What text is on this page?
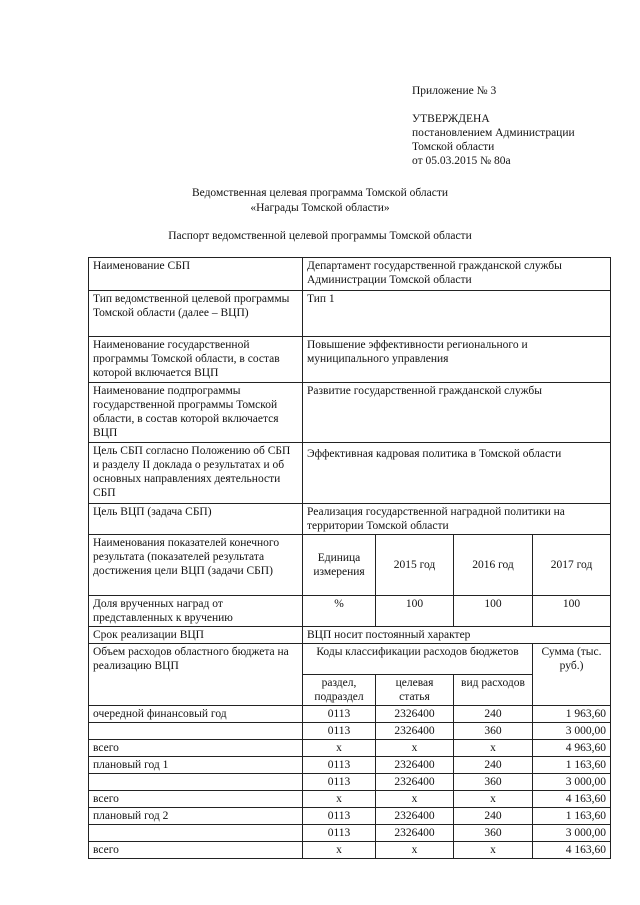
Приложение № 3
УТВЕРЖДЕНА
постановлением Администрации
Томской области
от 05.03.2015 № 80а
Ведомственная целевая программа Томской области
«Награды Томской области»
Паспорт ведомственной целевой программы Томской области
Наименование СБП	Департамент государственной гражданской службы Администрации Томской области			
Тип ведомственной целевой программы Томской области (далее – ВЦП)	Тип 1			
Наименование государственной программы Томской области, в состав которой включается ВЦП	Повышение эффективности регионального и муниципального управления			
Наименование подпрограммы государственной программы Томской области, в состав которой включается ВЦП	Развитие государственной гражданской службы			
Цель СБП согласно Положению об СБП и разделу II доклада о результатах и об основных направлениях деятельности СБП	Эффективная кадровая политика в Томской области			
Цель ВЦП (задача СБП)	Реализация государственной наградной политики на территории Томской области			
Наименования показателей конечного результата (показателей результата достижения цели ВЦП (задачи СБП)	Единица измерения	2015 год	2016 год	2017 год
Доля врученных наград от представленных к вручению	%	100	100	100
Срок реализации ВЦП	ВЦП носит постоянный характер			
Объем расходов областного бюджета на реализацию ВЦП	Коды классификации расходов бюджетов			Сумма (тыс. руб.)
	раздел, подраздел	целевая статья	вид расходов	
очередной финансовый год	0113	2326400	240	1 963,60
	0113	2326400	360	3 000,00
всего	х	х	х	4 963,60
плановый год 1	0113	2326400	240	1 163,60
	0113	2326400	360	3 000,00
всего	х	х	х	4 163,60
плановый год 2	0113	2326400	240	1 163,60
	0113	2326400	360	3 000,00
всего	х	х	х	4 163,60
